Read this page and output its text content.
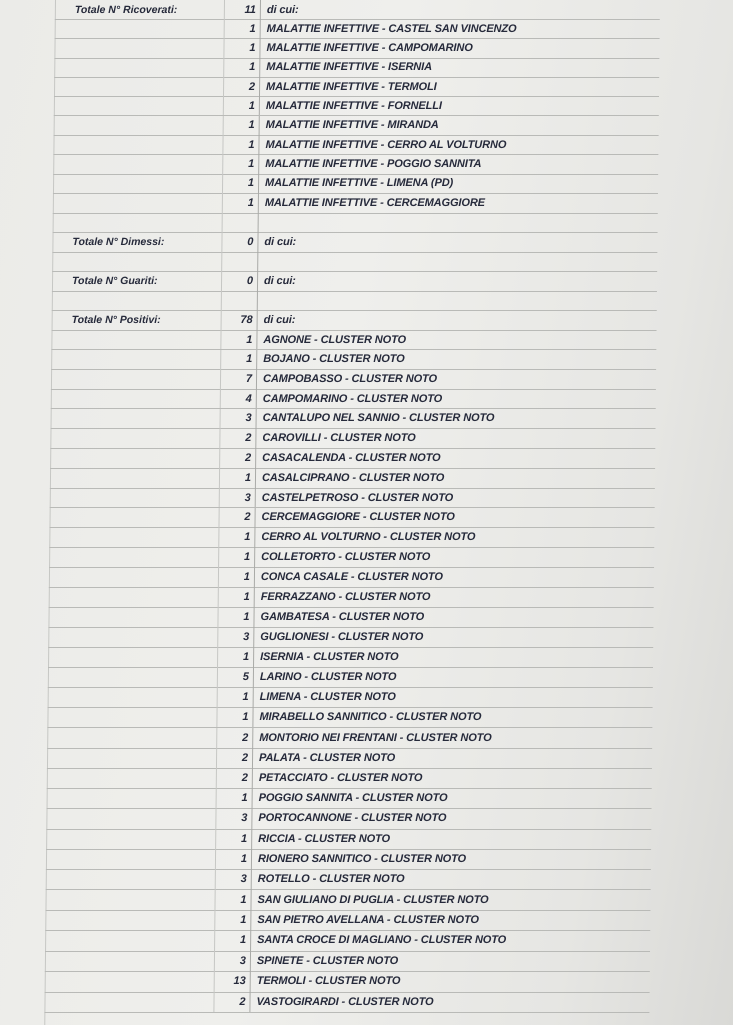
Totale N° Ricoverati:	11 di cui:
1 MALATTIE INFETTIVE - CASTEL SAN VINCENZO
1 MALATTIE INFETTIVE - CAMPOMARINO
1 MALATTIE INFETTIVE - ISERNIA
2 MALATTIE INFETTIVE - TERMOLI
1 MALATTIE INFETTIVE - FORNELLI
1 MALATTIE INFETTIVE - MIRANDA
1 MALATTIE INFETTIVE - CERRO AL VOLTURNO
1 MALATTIE INFETTIVE - POGGIO SANNITA
1 MALATTIE INFETTIVE - LIMENA (PD)
1 MALATTIE INFETTIVE - CERCEMAGGIORE
Totale N° Dimessi:	0 di cui:
Totale N° Guariti:	0 di cui:
Totale N° Positivi:	78 di cui:
1 AGNONE - CLUSTER NOTO
1 BOJANO - CLUSTER NOTO
7 CAMPOBASSO - CLUSTER NOTO
4 CAMPOMARINO - CLUSTER NOTO
3 CANTALUPO NEL SANNIO - CLUSTER NOTO
2 CAROVILLI - CLUSTER NOTO
2 CASACALENDA - CLUSTER NOTO
1 CASALCIPRANO - CLUSTER NOTO
3 CASTELPETROSO - CLUSTER NOTO
2 CERCEMAGGIORE - CLUSTER NOTO
1 CERRO AL VOLTURNO - CLUSTER NOTO
1 COLLETORTO - CLUSTER NOTO
1 CONCA CASALE - CLUSTER NOTO
1 FERRAZZANO - CLUSTER NOTO
1 GAMBATESA - CLUSTER NOTO
3 GUGLIONESI - CLUSTER NOTO
1 ISERNIA - CLUSTER NOTO
5 LARINO - CLUSTER NOTO
1 LIMENA - CLUSTER NOTO
1 MIRABELLO SANNITICO - CLUSTER NOTO
2 MONTORIO NEI FRENTANI - CLUSTER NOTO
2 PALATA - CLUSTER NOTO
2 PETACCIATO - CLUSTER NOTO
1 POGGIO SANNITA - CLUSTER NOTO
3 PORTOCANNONE - CLUSTER NOTO
1 RICCIA - CLUSTER NOTO
1 RIONERO SANNITICO - CLUSTER NOTO
3 ROTELLO - CLUSTER NOTO
1 SAN GIULIANO DI PUGLIA - CLUSTER NOTO
1 SAN PIETRO AVELLANA - CLUSTER NOTO
1 SANTA CROCE DI MAGLIANO - CLUSTER NOTO
3 SPINETE - CLUSTER NOTO
13 TERMOLI - CLUSTER NOTO
2 VASTOGIRARDI - CLUSTER NOTO
